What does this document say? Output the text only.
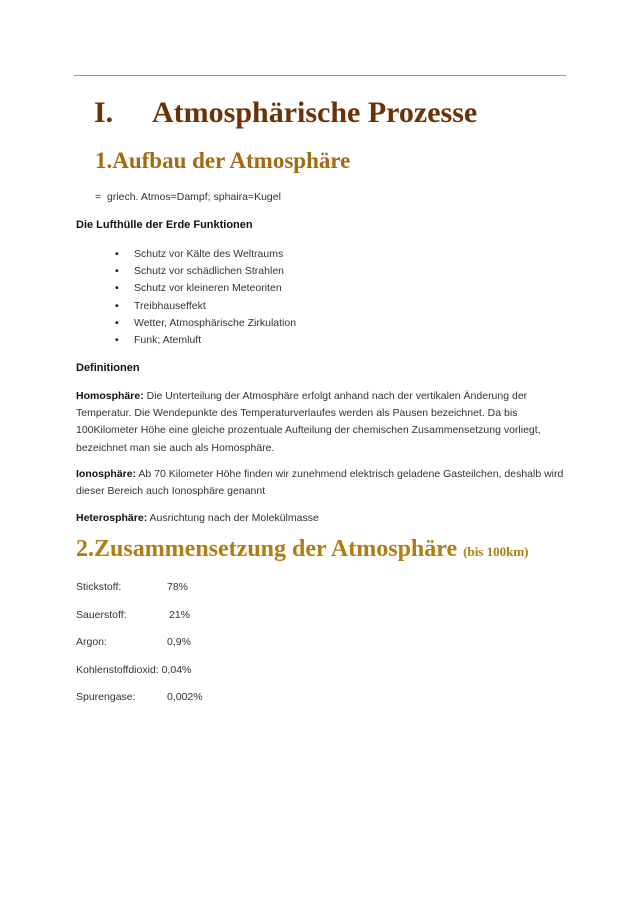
I. Atmosphärische Prozesse
1.Aufbau der Atmosphäre
= griech. Atmos=Dampf; sphaira=Kugel
Die Lufthülle der Erde Funktionen
• Schutz vor Kälte des Weltraums
• Schutz vor schädlichen Strahlen
• Schutz vor kleineren Meteoriten
• Treibhauseffekt
• Wetter, Atmosphärische Zirkulation
• Funk; Atemluft
Definitionen

Homosphäre: Die Unterteilung der Atmosphäre erfolgt anhand nach der vertikalen Änderung der Temperatur. Die Wendepunkte des Temperaturverlaufes werden als Pausen bezeichnet. Da bis 100Kilometer Höhe eine gleiche prozentuale Aufteilung der chemischen Zusammensetzung vorliegt, bezeichnet man sie auch als Homosphäre.

Ionosphäre: Ab 70 Kilometer Höhe finden wir zunehmend elektrisch geladene Gasteilchen, deshalb wird dieser Bereich auch Ionosphäre genannt

Heterosphäre: Ausrichtung nach der Molekülmasse

2.Zusammensetzung der Atmosphäre (bis 100km)
Stickstoff:	78%
Sauerstoff:	21%
Argon:	0,9%
Kohlenstoffdioxid: 0,04%
Spurengase:	0,002%
